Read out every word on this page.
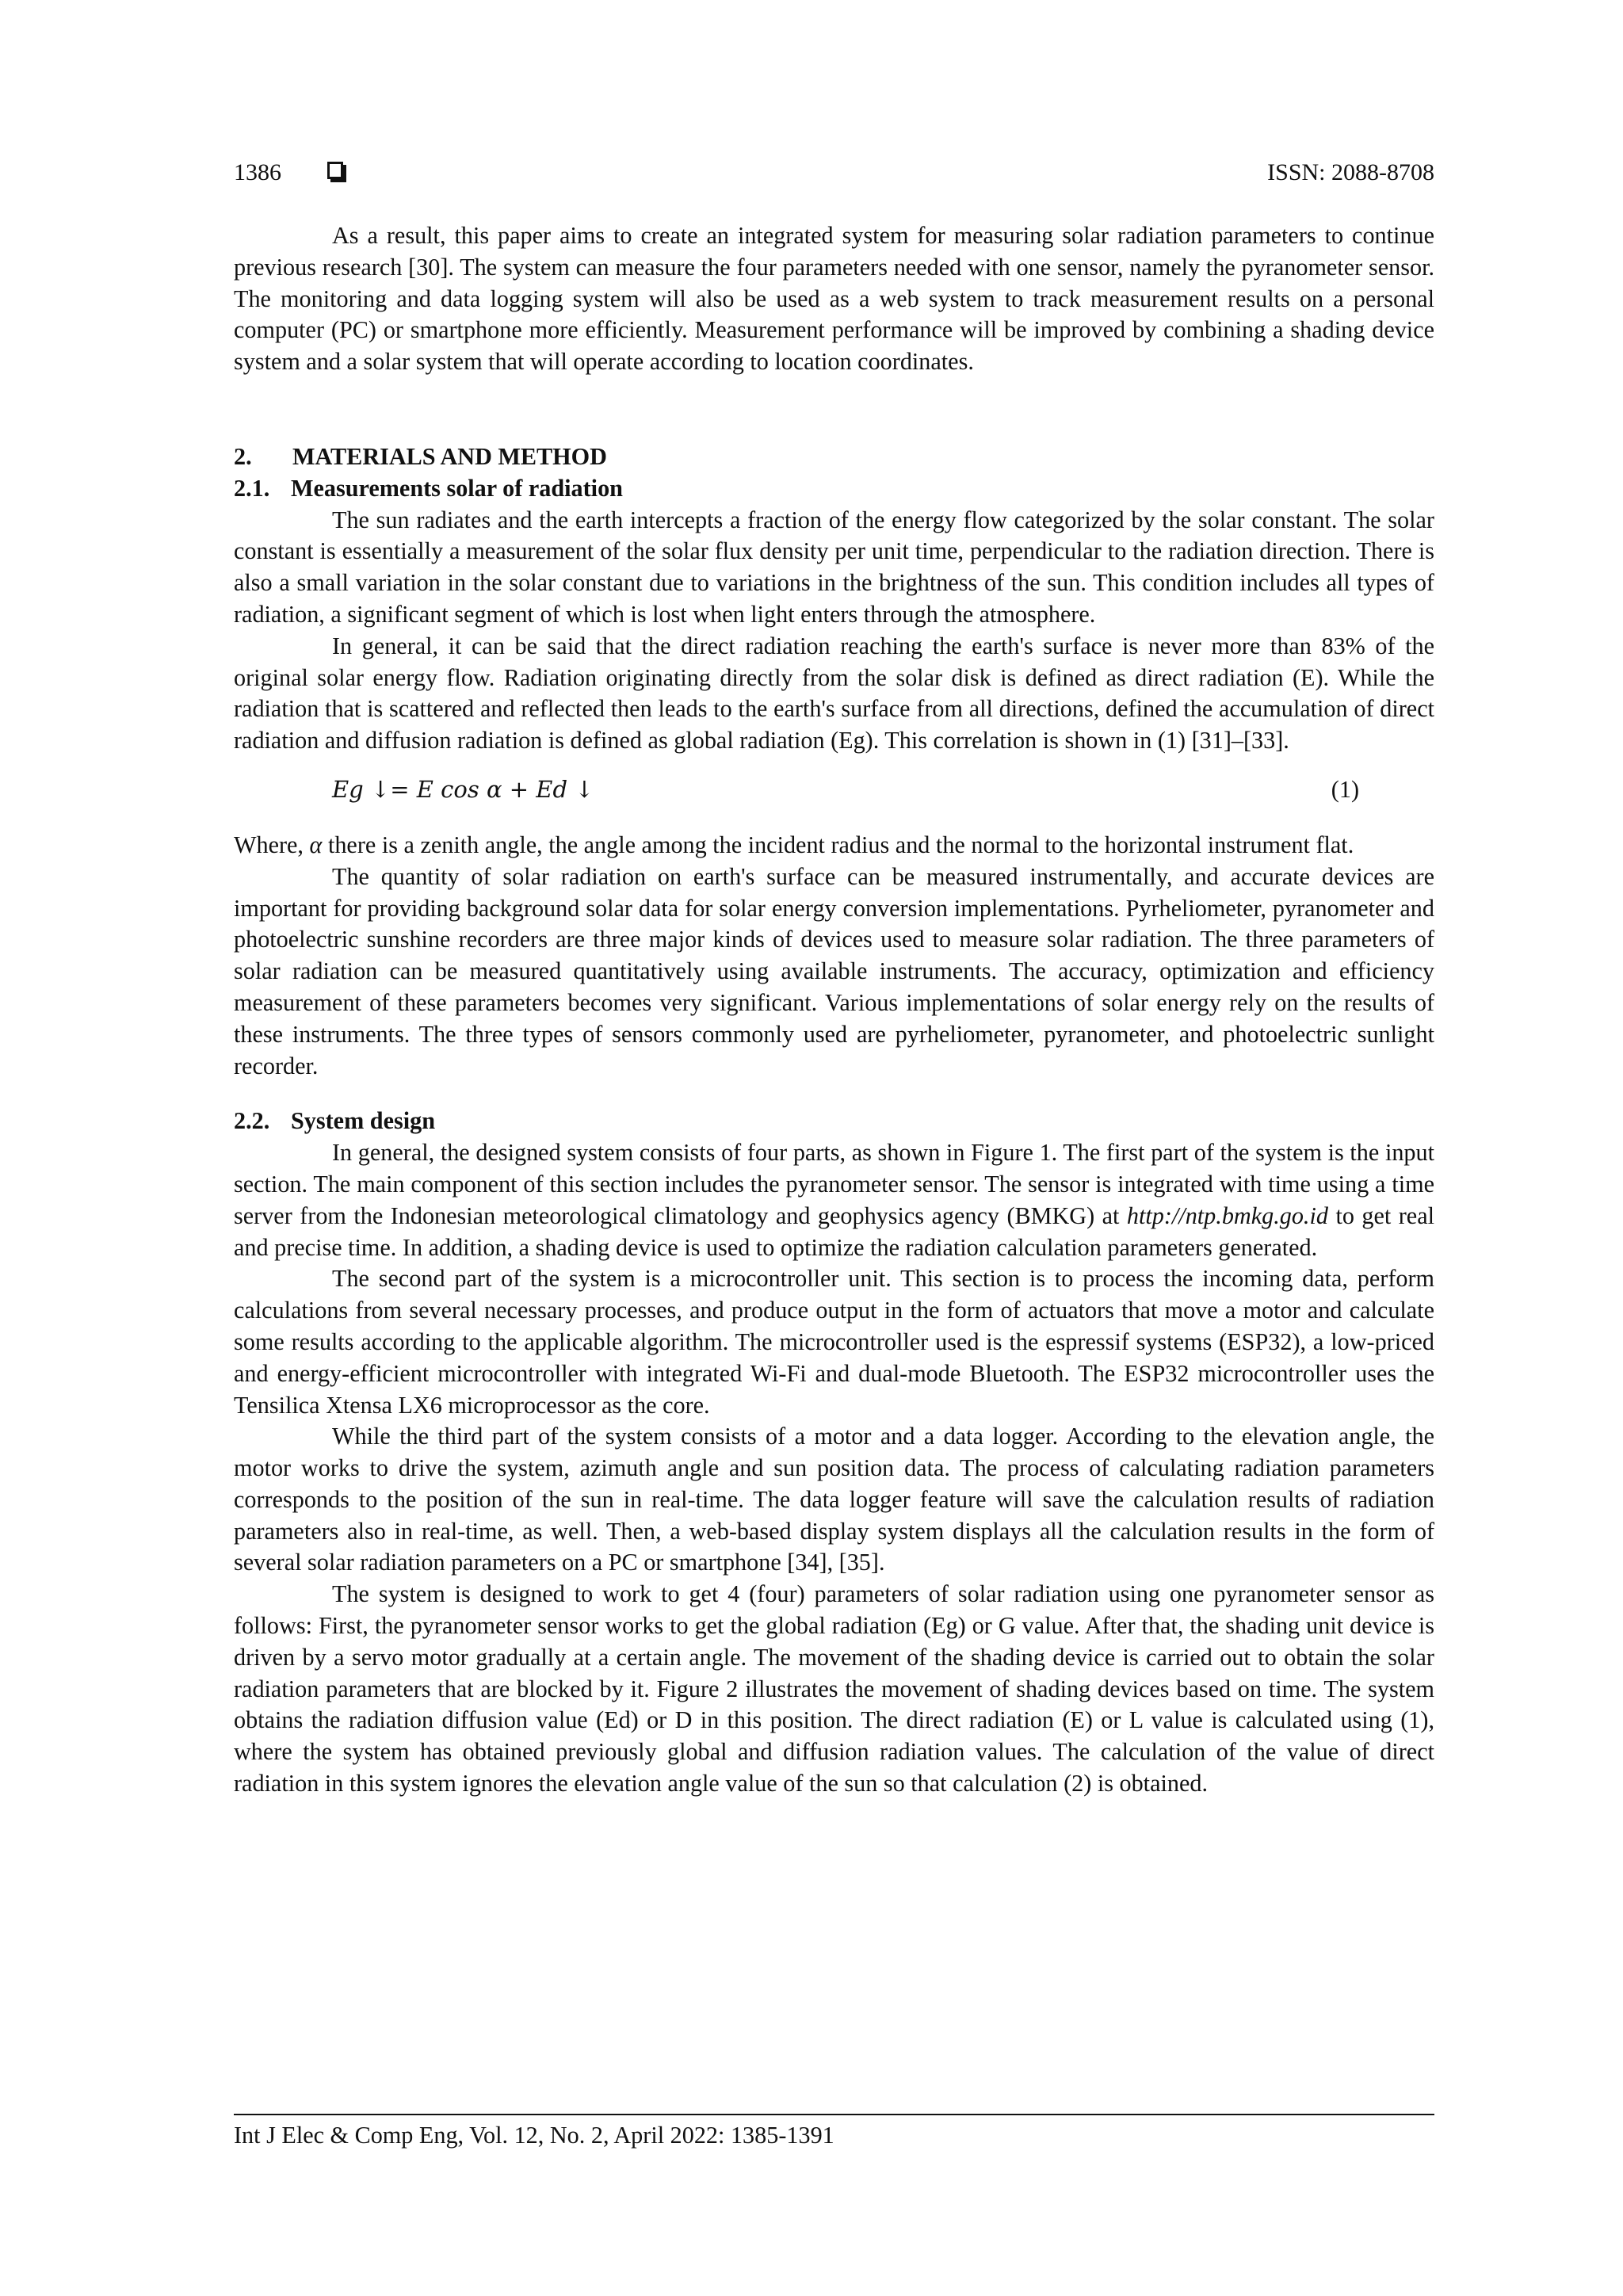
1386	ISSN: 2088-8708

As a result, this paper aims to create an integrated system for measuring solar radiation parameters to continue previous research [30]. The system can measure the four parameters needed with one sensor, namely the pyranometer sensor. The monitoring and data logging system will also be used as a web system to track measurement results on a personal computer (PC) or smartphone more efficiently. Measurement performance will be improved by combining a shading device system and a solar system that will operate according to location coordinates.

2. MATERIALS AND METHOD
2.1. Measurements solar of radiation

The sun radiates and the earth intercepts a fraction of the energy flow categorized by the solar constant. The solar constant is essentially a measurement of the solar flux density per unit time, perpendicular to the radiation direction. There is also a small variation in the solar constant due to variations in the brightness of the sun. This condition includes all types of radiation, a significant segment of which is lost when light enters through the atmosphere.

In general, it can be said that the direct radiation reaching the earth's surface is never more than 83% of the original solar energy flow. Radiation originating directly from the solar disk is defined as direct radiation (E). While the radiation that is scattered and reflected then leads to the earth's surface from all directions, defined the accumulation of direct radiation and diffusion radiation is defined as global radiation (Eg). This correlation is shown in (1) [31]–[33].

Eg ↓= E cos α + Ed ↓	(1)

Where, α there is a zenith angle, the angle among the incident radius and the normal to the horizontal instrument flat.

The quantity of solar radiation on earth's surface can be measured instrumentally, and accurate devices are important for providing background solar data for solar energy conversion implementations. Pyrheliometer, pyranometer and photoelectric sunshine recorders are three major kinds of devices used to measure solar radiation. The three parameters of solar radiation can be measured quantitatively using available instruments. The accuracy, optimization and efficiency measurement of these parameters becomes very significant. Various implementations of solar energy rely on the results of these instruments. The three types of sensors commonly used are pyrheliometer, pyranometer, and photoelectric sunlight recorder.

2.2. System design

In general, the designed system consists of four parts, as shown in Figure 1. The first part of the system is the input section. The main component of this section includes the pyranometer sensor. The sensor is integrated with time using a time server from the Indonesian meteorological climatology and geophysics agency (BMKG) at http://ntp.bmkg.go.id to get real and precise time. In addition, a shading device is used to optimize the radiation calculation parameters generated.

The second part of the system is a microcontroller unit. This section is to process the incoming data, perform calculations from several necessary processes, and produce output in the form of actuators that move a motor and calculate some results according to the applicable algorithm. The microcontroller used is the espressif systems (ESP32), a low-priced and energy-efficient microcontroller with integrated Wi-Fi and dual-mode Bluetooth. The ESP32 microcontroller uses the Tensilica Xtensa LX6 microprocessor as the core.

While the third part of the system consists of a motor and a data logger. According to the elevation angle, the motor works to drive the system, azimuth angle and sun position data. The process of calculating radiation parameters corresponds to the position of the sun in real-time. The data logger feature will save the calculation results of radiation parameters also in real-time, as well. Then, a web-based display system displays all the calculation results in the form of several solar radiation parameters on a PC or smartphone [34], [35].

The system is designed to work to get 4 (four) parameters of solar radiation using one pyranometer sensor as follows: First, the pyranometer sensor works to get the global radiation (Eg) or G value. After that, the shading unit device is driven by a servo motor gradually at a certain angle. The movement of the shading device is carried out to obtain the solar radiation parameters that are blocked by it. Figure 2 illustrates the movement of shading devices based on time. The system obtains the radiation diffusion value (Ed) or D in this position. The direct radiation (E) or L value is calculated using (1), where the system has obtained previously global and diffusion radiation values. The calculation of the value of direct radiation in this system ignores the elevation angle value of the sun so that calculation (2) is obtained.

Int J Elec & Comp Eng, Vol. 12, No. 2, April 2022: 1385-1391
